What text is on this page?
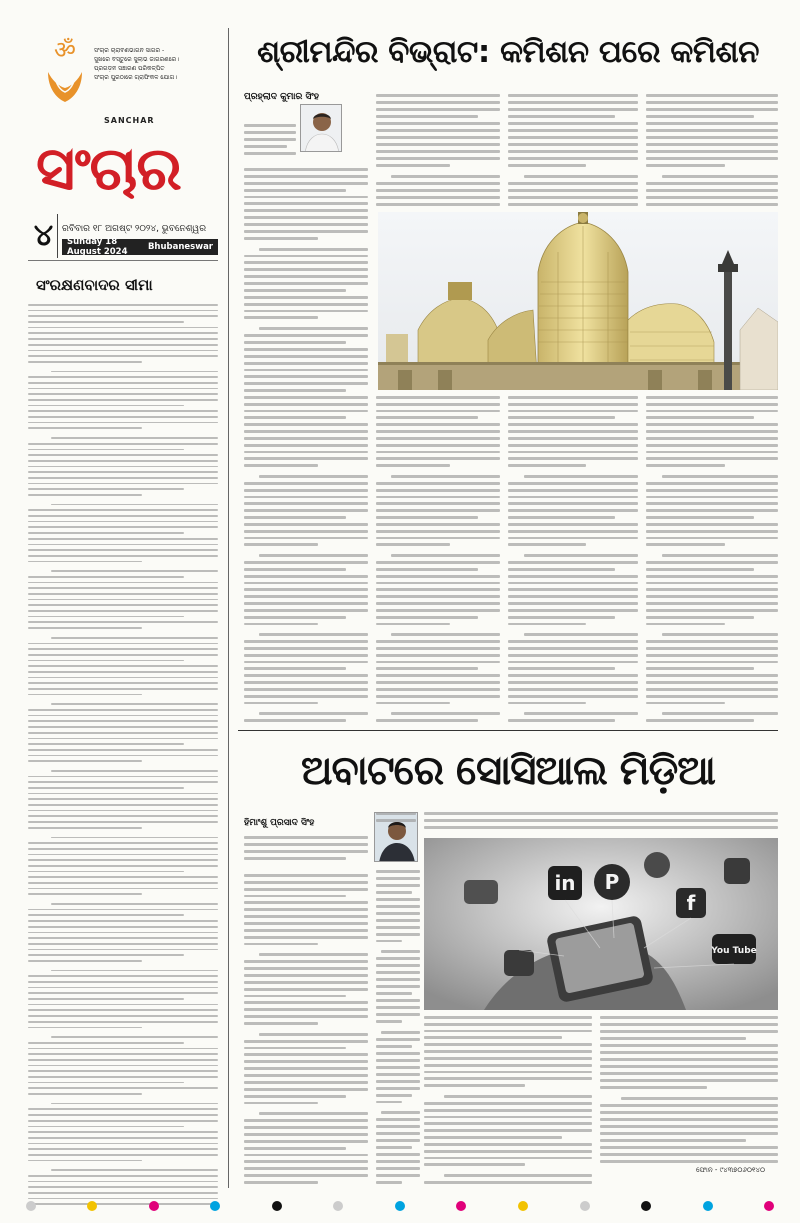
ॐ	ସଂଚାର ଚାରାବଣଭାଗନ ସାଗର -
ସୁଖରେ ବସ୍ତୁରେ ସୁଲାଭ ଜାଗରଣରେ।
ପ୍ରଗଡ଼ନ ସଞ୍ଚାରଣ ପରିକଳ୍ପିତ
ସଂଚାର ପୁରଠାରେ ଗ୍ରାଫିକଳ ଯୋଗ।
SANCHAR
ସଂଚାର
୪ ରବିବାର ୧୮ ଅଗଷ୍ଟ ୨୦୨୪, ଭୁବନେଶ୍ୱର
Sunday 18 August 2024	Bhubaneswar
ସଂରକ୍ଷଣବାଦର ସୀମା
ଶ୍ରୀମନ୍ଦିର ବିଭ୍ରାଟ: କମିଶନ ପରେ କମିଶନ
ପ୍ରହ୍ଲାଦ କୁମାର ସିଂହ
ଅବାଟରେ ସୋସିଆଲ ମିଡ଼ିଆ
ହିମାଂଶୁ ପ୍ରସାଦ ସିଂହ
in P
f
You Tube
ଫୋନ - ୯୪୩୭୦୬୦୧୪୦
